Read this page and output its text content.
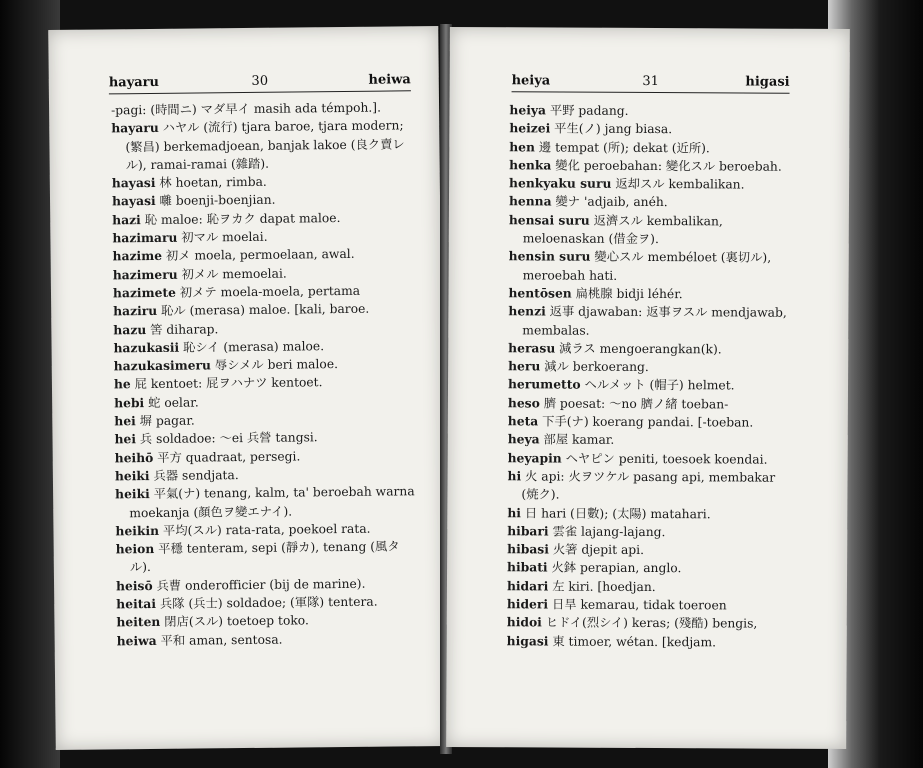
hayaru	30	heiwa

-pagi: (時間ニ) マダ早イ masih ada témpoh.].

hayaru ハヤル (流行) tjara baroe, tjara modern; (繁昌) berkemadjoean, banjak lakoe (良ク賣レル), ramai-ramai (雜踏).

hayasi 林 hoetan, rimba.

hayasi 囃 boenji-boenjian.

hazi 恥 maloe: 恥ヲカク dapat maloe.

hazimaru 初マル moelai.

hazime 初メ moela, permoelaan, awal.

hazimeru 初メル memoelai.

hazimete 初メテ moela-moela, pertama

haziru 恥ル (merasa) maloe. [kali, baroe.

hazu 筈 diharap.

hazukasii 恥シイ (merasa) maloe.

hazukasimeru 辱シメル beri maloe.

he 屁 kentoet: 屁ヲハナツ kentoet.

hebi 蛇 oelar.

hei 塀 pagar.

hei 兵 soldadoe: ～ei 兵營 tangsi.

heihō 平方 quadraat, persegi.

heiki 兵器 sendjata.

heiki 平氣(ナ) tenang, kalm, ta' beroebah warna moekanja (顏色ヲ變エナイ).

heikin 平均(スル) rata-rata, poekoel rata.

heion 平穩 tenteram, sepi (靜カ), tenang (風タル).

heisō 兵曹 onderofficier (bij de marine).

heitai 兵隊 (兵士) soldadoe; (軍隊) tentera.

heiten 閉店(スル) toetoep toko.

heiwa 平和 aman, sentosa.

heiya	31	higasi

heiya 平野 padang.

heizei 平生(ノ) jang biasa.

hen 邊 tempat (所); dekat (近所).

henka 變化 peroebahan: 變化スル beroebah.

henkyaku suru 返却スル kembalikan.

henna 變ナ 'adjaib, anéh.

hensai suru 返濟スル kembalikan, meloenaskan (借金ヲ).

hensin suru 變心スル membéloet (裏切ル), meroebah hati.

hentōsen 扁桃腺 bidji léhér.

henzi 返事 djawaban: 返事ヲスル mendjawab, membalas.

herasu 減ラス mengoerangkan(k).

heru 減ル berkoerang.

herumetto ヘルメット (帽子) helmet.

heso 臍 poesat: ～no 臍ノ緒 toeban-

heta 下手(ナ) koerang pandai. [-toeban.

heya 部屋 kamar.

heyapin ヘヤピン peniti, toesoek koendai.

hi 火 api: 火ヲツケル pasang api, membakar (焼ク).

hi 日 hari (日數); (太陽) matahari.

hibari 雲雀 lajang-lajang.

hibasi 火箸 djepit api.

hibati 火鉢 perapian, anglo.

hidari 左 kiri. [hoedjan.

hideri 日旱 kemarau, tidak toeroen

hidoi ヒドイ(烈シイ) keras; (殘酷) bengis,

higasi 東 timoer, wétan. [kedjam.
